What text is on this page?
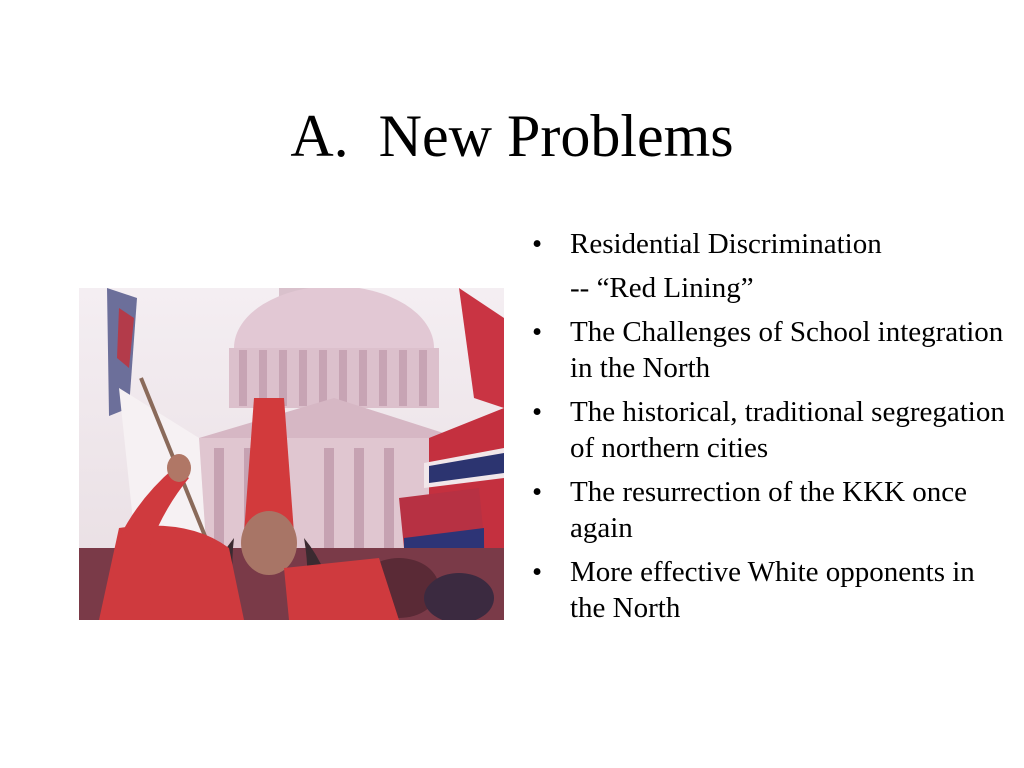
A.  New Problems
• Residential Discrimination
-- “Red Lining”
• The Challenges of School integration in the North
• The historical, traditional segregation of northern cities
• The resurrection of the KKK once again
• More effective White opponents in the North
